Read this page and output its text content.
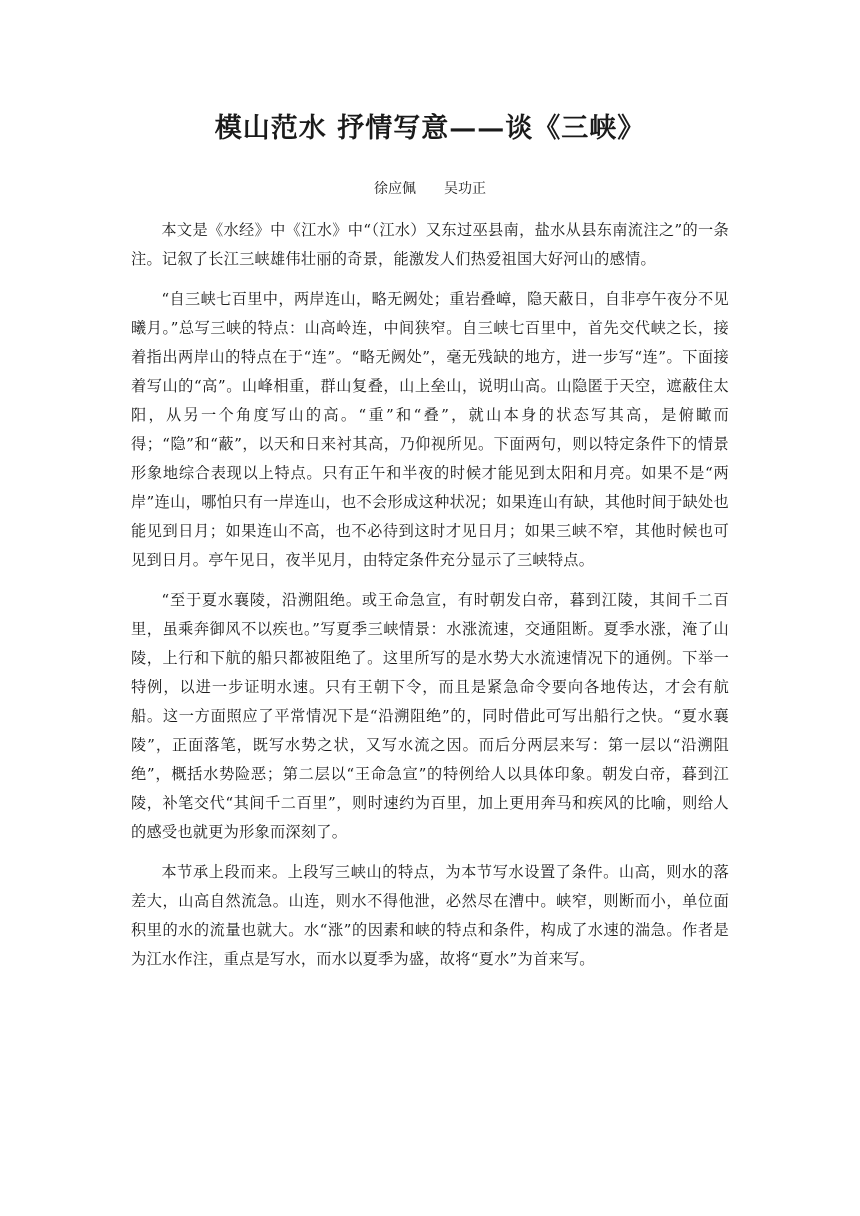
模山范水 抒情写意——谈《三峡》
徐应佩 吴功正

本文是《水经》中《江水》中“（江水）又东过巫县南，盐水从县东南流注之”的一条注。记叙了长江三峡雄伟壮丽的奇景，能激发人们热爱祖国大好河山的感情。

“自三峡七百里中，两岸连山，略无阙处；重岩叠嶂，隐天蔽日，自非亭午夜分不见曦月。”总写三峡的特点：山高岭连，中间狭窄。自三峡七百里中，首先交代峡之长，接着指出两岸山的特点在于“连”。“略无阙处”，毫无残缺的地方，进一步写“连”。下面接着写山的“高”。山峰相重，群山复叠，山上垒山，说明山高。山隐匿于天空，遮蔽住太阳，从另一个角度写山的高。“重”和“叠”，就山本身的状态写其高，是俯瞰而得；“隐”和“蔽”，以天和日来衬其高，乃仰视所见。下面两句，则以特定条件下的情景形象地综合表现以上特点。只有正午和半夜的时候才能见到太阳和月亮。如果不是“两岸”连山，哪怕只有一岸连山，也不会形成这种状况；如果连山有缺，其他时间于缺处也能见到日月；如果连山不高，也不必待到这时才见日月；如果三峡不窄，其他时候也可见到日月。亭午见日，夜半见月，由特定条件充分显示了三峡特点。

“至于夏水襄陵，沿溯阻绝。或王命急宣，有时朝发白帝，暮到江陵，其间千二百里，虽乘奔御风不以疾也。”写夏季三峡情景：水涨流速，交通阻断。夏季水涨，淹了山陵，上行和下航的船只都被阻绝了。这里所写的是水势大水流速情况下的通例。下举一特例，以进一步证明水速。只有王朝下令，而且是紧急命令要向各地传达，才会有航船。这一方面照应了平常情况下是“沿溯阻绝”的，同时借此可写出船行之快。“夏水襄陵”，正面落笔，既写水势之状，又写水流之因。而后分两层来写：第一层以“沿溯阻绝”，概括水势险恶；第二层以“王命急宣”的特例给人以具体印象。朝发白帝，暮到江陵，补笔交代“其间千二百里”，则时速约为百里，加上更用奔马和疾风的比喻，则给人的感受也就更为形象而深刻了。

本节承上段而来。上段写三峡山的特点，为本节写水设置了条件。山高，则水的落差大，山高自然流急。山连，则水不得他泄，必然尽在漕中。峡窄，则断而小，单位面积里的水的流量也就大。水“涨”的因素和峡的特点和条件，构成了水速的湍急。作者是为江水作注，重点是写水，而水以夏季为盛，故将“夏水”为首来写。
